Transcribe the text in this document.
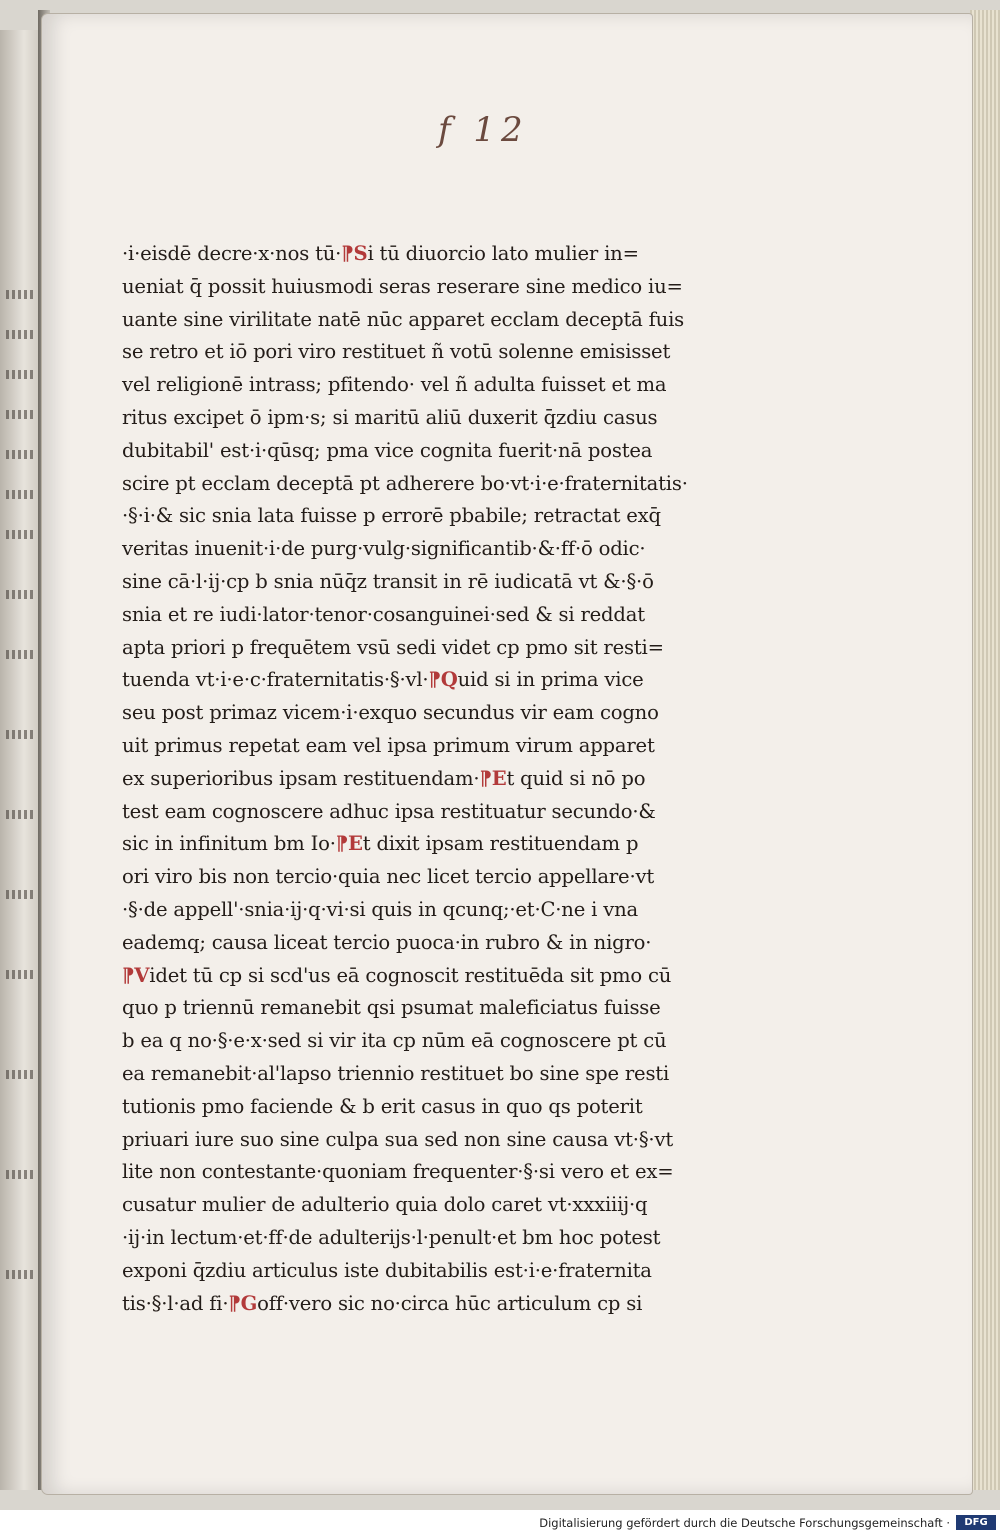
f 12
·i·eisdē decre·x·nos tū·⁋Si tū diuorcio lato mulier in=
ueniat q̄ possit huiusmodi seras reserare sine medico iu=
uante sine virilitate natē nūc apparet ecclam deceptā fuis
se retro et iō pori viro restituet ñ votū solenne emisisset
vel religionē intrass; pfitendo· vel ñ adulta fuisset et ma
ritus excipet ō ipm·s; si maritū aliū duxerit q̄zdiu casus
dubitabil' est·i·qūsq; pma vice cognita fuerit·nā postea
scire pt ecclam deceptā pt adherere bo·vt·i·e·fraternitatis·
·§·i·& sic snia lata fuisse p errorē pbabile; retractat exq̄
veritas inuenit·i·de purg·vulg·significantib·&·ff·ō odic·
sine cā·l·ij·cp b snia nūq̄z transit in rē iudicatā vt &·§·ō
snia et re iudi·lator·tenor·cosanguinei·sed & si reddat
apta priori p frequētem vsū sedi videt cp pmo sit resti=
tuenda vt·i·e·c·fraternitatis·§·vl·⁋Quid si in prima vice
seu post primaz vicem·i·exquo secundus vir eam cogno
uit primus repetat eam vel ipsa primum virum apparet
ex superioribus ipsam restituendam·⁋Et quid si nō po
test eam cognoscere adhuc ipsa restituatur secundo·&
sic in infinitum bm Io·⁋Et dixit ipsam restituendam p
ori viro bis non tercio·quia nec licet tercio appellare·vt
·§·de appell'·snia·ij·q·vi·si quis in qcunq;·et·C·ne i vna
eademq; causa liceat tercio puoca·in rubro & in nigro·
⁋Videt tū cp si scd'us eā cognoscit restituēda sit pmo cū
quo p triennū remanebit qsi psumat maleficiatus fuisse
b ea q no·§·e·x·sed si vir ita cp nūm eā cognoscere pt cū
ea remanebit·al'lapso triennio restituet bo sine spe resti
tutionis pmo faciende & b erit casus in quo qs poterit
priuari iure suo sine culpa sua sed non sine causa vt·§·vt
lite non contestante·quoniam frequenter·§·si vero et ex=
cusatur mulier de adulterio quia dolo caret vt·xxxiiij·q
·ij·in lectum·et·ff·de adulterijs·l·penult·et bm hoc potest
exponi q̄zdiu articulus iste dubitabilis est·i·e·fraternita
tis·§·l·ad fi·⁋Goff·vero sic no·circa hūc articulum cp si
Digitalisierung gefördert durch die Deutsche Forschungsgemeinschaft ·	DFG
